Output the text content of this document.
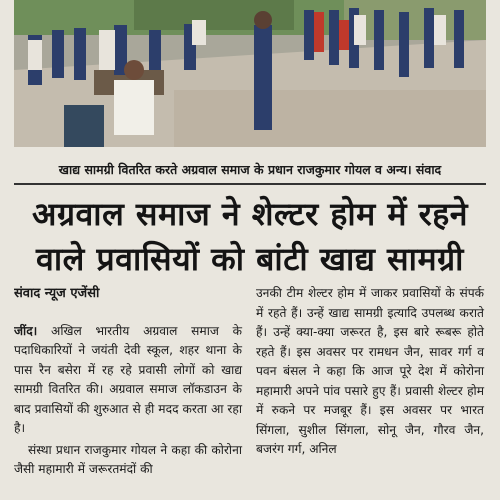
खाद्य सामग्री वितरित करते अग्रवाल समाज के प्रधान राजकुमार गोयल व अन्य। संवाद
अग्रवाल समाज ने शेल्टर होम में रहने
वाले प्रवासियों को बांटी खाद्य सामग्री
संवाद न्यूज एजेंसी

जींद। अखिल भारतीय अग्रवाल समाज के पदाधिकारियों ने जयंती देवी स्कूल, शहर थाना के पास रैन बसेरा में रह रहे प्रवासी लोगों को खाद्य सामग्री वितरित की। अग्रवाल समाज लॉकडाउन के बाद प्रवासियों की शुरुआत से ही मदद करता आ रहा है।

संस्था प्रधान राजकुमार गोयल ने कहा की कोरोना जैसी महामारी में जरूरतमंदों की

उनकी टीम शेल्टर होम में जाकर प्रवासियों के संपर्क में रहते हैं। उन्हें खाद्य सामग्री इत्यादि उपलब्ध कराते हैं। उन्हें क्या-क्या जरूरत है, इस बारे रूबरू होते रहते हैं। इस अवसर पर रामधन जैन, सावर गर्ग व पवन बंसल ने कहा कि आज पूरे देश में कोरोना महामारी अपने पांव पसारे हुए हैं। प्रवासी शेल्टर होम में रुकने पर मजबूर हैं। इस अवसर पर भारत सिंगला, सुशील सिंगला, सोनू जैन, गौरव जैन, बजरंग गर्ग, अनिल
